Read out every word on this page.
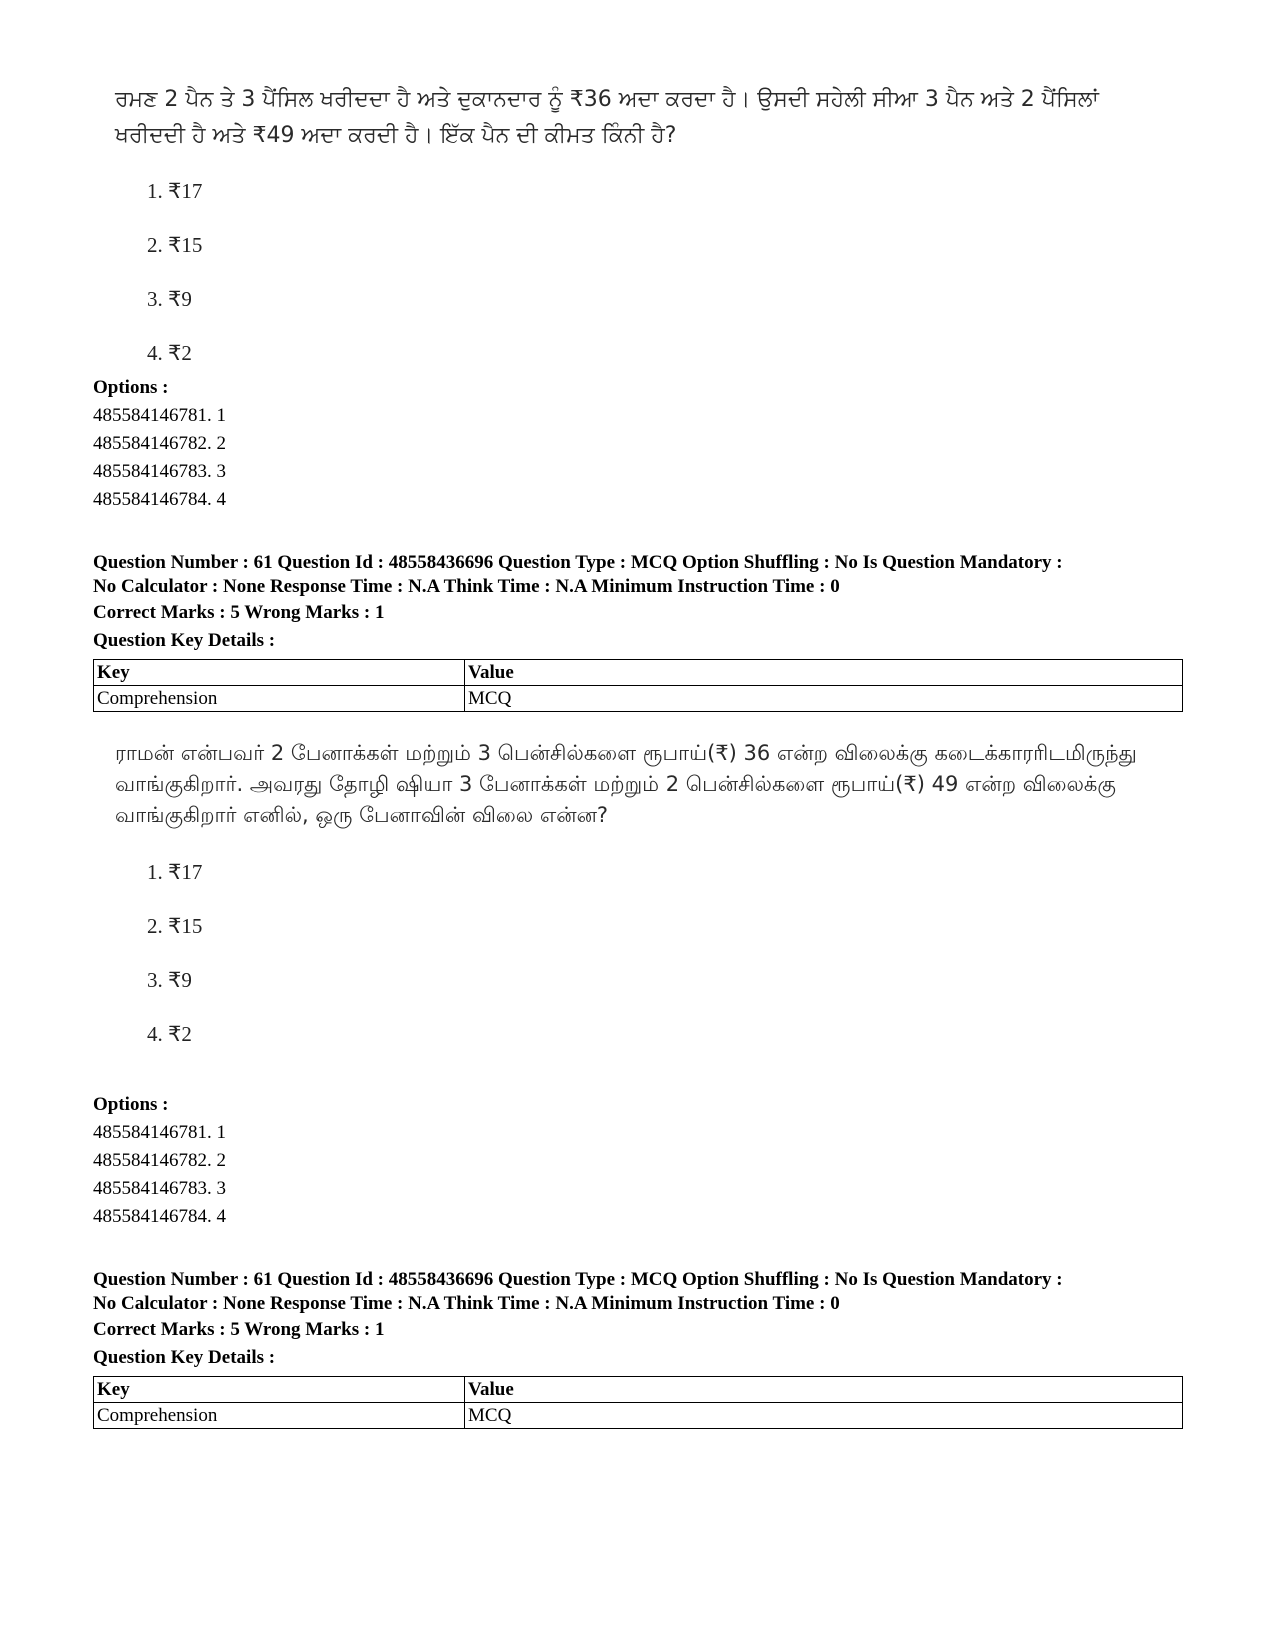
ਰਮਣ 2 ਪੈਨ ਤੇ 3 ਪੈਂਸਿਲ ਖਰੀਦਦਾ ਹੈ ਅਤੇ ਦੁਕਾਨਦਾਰ ਨੂੰ ₹36 ਅਦਾ ਕਰਦਾ ਹੈ। ਉਸਦੀ ਸਹੇਲੀ ਸੀਆ 3 ਪੈਨ ਅਤੇ 2 ਪੈਂਸਿਲਾਂ ਖਰੀਦਦੀ ਹੈ ਅਤੇ ₹49 ਅਦਾ ਕਰਦੀ ਹੈ। ਇੱਕ ਪੈਨ ਦੀ ਕੀਮਤ ਕਿੰਨੀ ਹੈ?

1. ₹17
2. ₹15
3. ₹9
4. ₹2
Options :
485584146781. 1
485584146782. 2
485584146783. 3
485584146784. 4
Question Number : 61 Question Id : 48558436696 Question Type : MCQ Option Shuffling : No Is Question Mandatory :
No Calculator : None Response Time : N.A Think Time : N.A Minimum Instruction Time : 0
Correct Marks : 5 Wrong Marks : 1
Question Key Details :
Key	Value
Comprehension	MCQ

ராமன் என்பவர் 2 பேனாக்கள் மற்றும் 3 பென்சில்களை ரூபாய்(₹) 36 என்ற விலைக்கு கடைக்காரரிடமிருந்து வாங்குகிறார். அவரது தோழி ஷியா 3 பேனாக்கள் மற்றும் 2 பென்சில்களை ரூபாய்(₹) 49 என்ற விலைக்கு வாங்குகிறார் எனில், ஒரு பேனாவின் விலை என்ன?

1. ₹17
2. ₹15
3. ₹9
4. ₹2
Options :
485584146781. 1
485584146782. 2
485584146783. 3
485584146784. 4
Question Number : 61 Question Id : 48558436696 Question Type : MCQ Option Shuffling : No Is Question Mandatory :
No Calculator : None Response Time : N.A Think Time : N.A Minimum Instruction Time : 0
Correct Marks : 5 Wrong Marks : 1
Question Key Details :
Key	Value
Comprehension	MCQ
